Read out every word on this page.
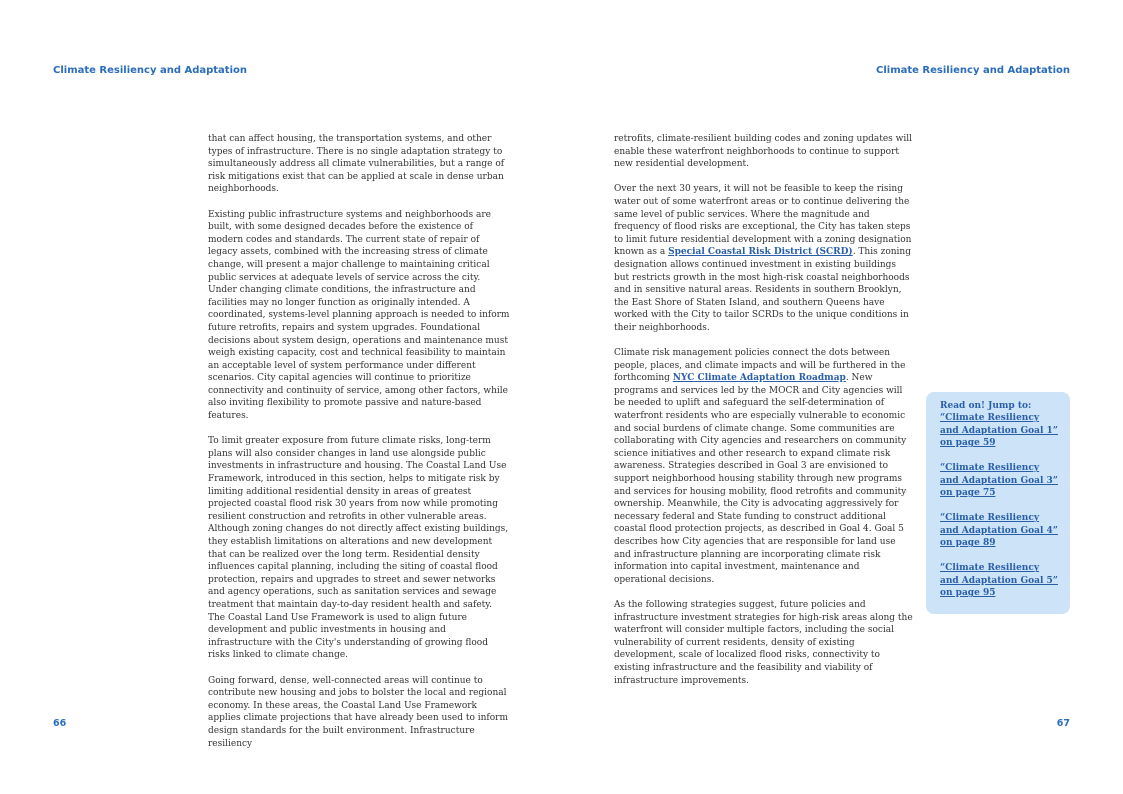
Climate Resiliency and Adaptation	Climate Resiliency and Adaptation

that can affect housing, the transportation systems, and other types of infrastructure. There is no single adaptation strategy to simultaneously address all climate vulnerabilities, but a range of risk mitigations exist that can be applied at scale in dense urban neighborhoods.

Existing public infrastructure systems and neighborhoods are built, with some designed decades before the existence of modern codes and standards. The current state of repair of legacy assets, combined with the increasing stress of climate change, will present a major challenge to maintaining critical public services at adequate levels of service across the city. Under changing climate conditions, the infrastructure and facilities may no longer function as originally intended. A coordinated, systems-level planning approach is needed to inform future retrofits, repairs and system upgrades. Foundational decisions about system design, operations and maintenance must weigh existing capacity, cost and technical feasibility to maintain an acceptable level of system performance under different scenarios. City capital agencies will continue to prioritize connectivity and continuity of service, among other factors, while also inviting flexibility to promote passive and nature-based features.

To limit greater exposure from future climate risks, long-term plans will also consider changes in land use alongside public investments in infrastructure and housing. The Coastal Land Use Framework, introduced in this section, helps to mitigate risk by limiting additional residential density in areas of greatest projected coastal flood risk 30 years from now while promoting resilient construction and retrofits in other vulnerable areas. Although zoning changes do not directly affect existing buildings, they establish limitations on alterations and new development that can be realized over the long term. Residential density influences capital planning, including the siting of coastal flood protection, repairs and upgrades to street and sewer networks and agency operations, such as sanitation services and sewage treatment that maintain day-to-day resident health and safety. The Coastal Land Use Framework is used to align future development and public investments in housing and infrastructure with the City's understanding of growing flood risks linked to climate change.

Going forward, dense, well-connected areas will continue to contribute new housing and jobs to bolster the local and regional economy. In these areas, the Coastal Land Use Framework applies climate projections that have already been used to inform design standards for the built environment. Infrastructure resiliency

retrofits, climate-resilient building codes and zoning updates will enable these waterfront neighborhoods to continue to support new residential development.

Over the next 30 years, it will not be feasible to keep the rising water out of some waterfront areas or to continue delivering the same level of public services. Where the magnitude and frequency of flood risks are exceptional, the City has taken steps to limit future residential development with a zoning designation known as a Special Coastal Risk District (SCRD). This zoning designation allows continued investment in existing buildings but restricts growth in the most high-risk coastal neighborhoods and in sensitive natural areas. Residents in southern Brooklyn, the East Shore of Staten Island, and southern Queens have worked with the City to tailor SCRDs to the unique conditions in their neighborhoods.

Climate risk management policies connect the dots between people, places, and climate impacts and will be furthered in the forthcoming NYC Climate Adaptation Roadmap. New programs and services led by the MOCR and City agencies will be needed to uplift and safeguard the self-determination of waterfront residents who are especially vulnerable to economic and social burdens of climate change. Some communities are collaborating with City agencies and researchers on community science initiatives and other research to expand climate risk awareness. Strategies described in Goal 3 are envisioned to support neighborhood housing stability through new programs and services for housing mobility, flood retrofits and community ownership. Meanwhile, the City is advocating aggressively for necessary federal and State funding to construct additional coastal flood protection projects, as described in Goal 4. Goal 5 describes how City agencies that are responsible for land use and infrastructure planning are incorporating climate risk information into capital investment, maintenance and operational decisions.

As the following strategies suggest, future policies and infrastructure investment strategies for high-risk areas along the waterfront will consider multiple factors, including the social vulnerability of current residents, density of existing development, scale of localized flood risks, connectivity to existing infrastructure and the feasibility and viability of infrastructure improvements.

Read on! Jump to:

“Climate Resiliency and Adaptation Goal 1” on page 59
“Climate Resiliency and Adaptation Goal 3” on page 75
“Climate Resiliency and Adaptation Goal 4” on page 89
“Climate Resiliency and Adaptation Goal 5” on page 95
66	67
